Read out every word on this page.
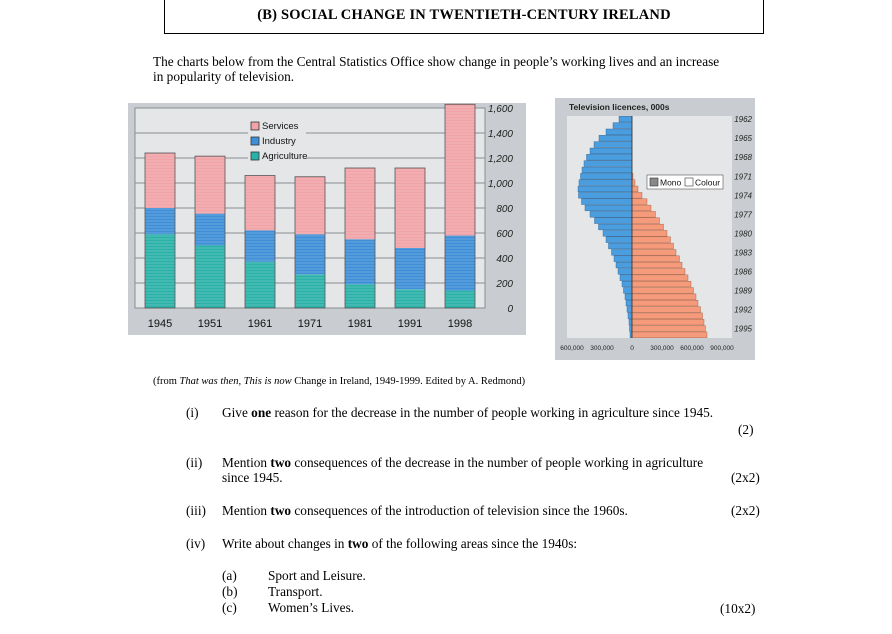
(B) SOCIAL CHANGE IN TWENTIETH-CENTURY IRELAND
The charts below from the Central Statistics Office show change in people’s working lives and an increase
in popularity of television.
0
200
400
600
800
1,000
1,200
1,400
1,600
1945 1951 1961 1971 1981 1991 1998
Services
Industry
Agriculture
Television licences, 000s
1962
1965
1968
1971
1974
1977
1980
1983
1986
1989
1992
1995
600,000 300,000	0	300,000 600,000 900,000
Mono Colour
(from That was then, This is now Change in Ireland, 1949-1999. Edited by A. Redmond)
(i) Give one reason for the decrease in the number of people working in agriculture since 1945.
(2)
(ii) Mention two consequences of the decrease in the number of people working in agriculture
since 1945.	(2x2)
(iii) Mention two consequences of the introduction of television since the 1960s.	(2x2)
(iv) Write about changes in two of the following areas since the 1940s:
(a) Sport and Leisure.
(b) Transport.
(c) Women’s Lives.	(10x2)
